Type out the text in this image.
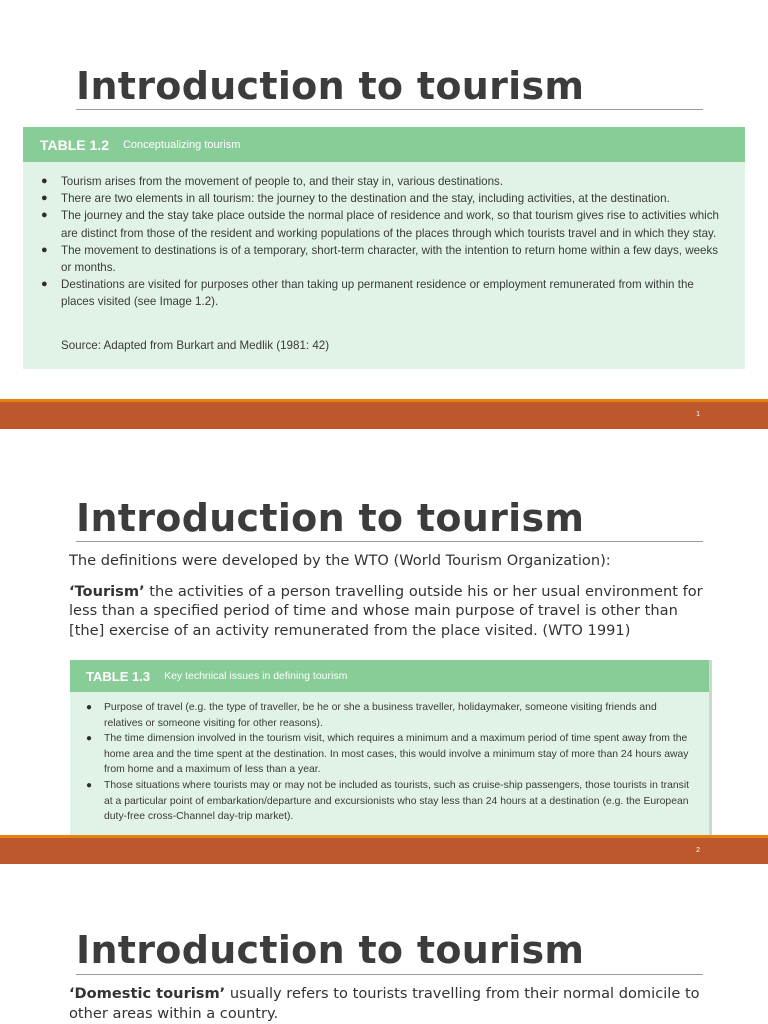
Introduction to tourism
TABLE 1.2 Conceptualizing tourism
● Tourism arises from the movement of people to, and their stay in, various destinations.
● There are two elements in all tourism: the journey to the destination and the stay, including activities, at the destination.
● The journey and the stay take place outside the normal place of residence and work, so that tourism gives rise to activities which are distinct from those of the resident and working populations of the places through which tourists travel and in which they stay.
● The movement to destinations is of a temporary, short-term character, with the intention to return home within a few days, weeks or months.
● Destinations are visited for purposes other than taking up permanent residence or employment remunerated from within the places visited (see Image 1.2).
Source: Adapted from Burkart and Medlik (1981: 42)
1
Introduction to tourism
The definitions were developed by the WTO (World Tourism Organization):
‘Tourism’ the activities of a person travelling outside his or her usual environment for less than a specified period of time and whose main purpose of travel is other than [the] exercise of an activity remunerated from the place visited. (WTO 1991)
TABLE 1.3 Key technical issues in defining tourism
● Purpose of travel (e.g. the type of traveller, be he or she a business traveller, holidaymaker, someone visiting friends and relatives or someone visiting for other reasons).
● The time dimension involved in the tourism visit, which requires a minimum and a maximum period of time spent away from the home area and the time spent at the destination. In most cases, this would involve a minimum stay of more than 24 hours away from home and a maximum of less than a year.
● Those situations where tourists may or may not be included as tourists, such as cruise-ship passengers, those tourists in transit at a particular point of embarkation/departure and excursionists who stay less than 24 hours at a destination (e.g. the European duty-free cross-Channel day-trip market).
2
Introduction to tourism
‘Domestic tourism’ usually refers to tourists travelling from their normal domicile to other areas within a country.
